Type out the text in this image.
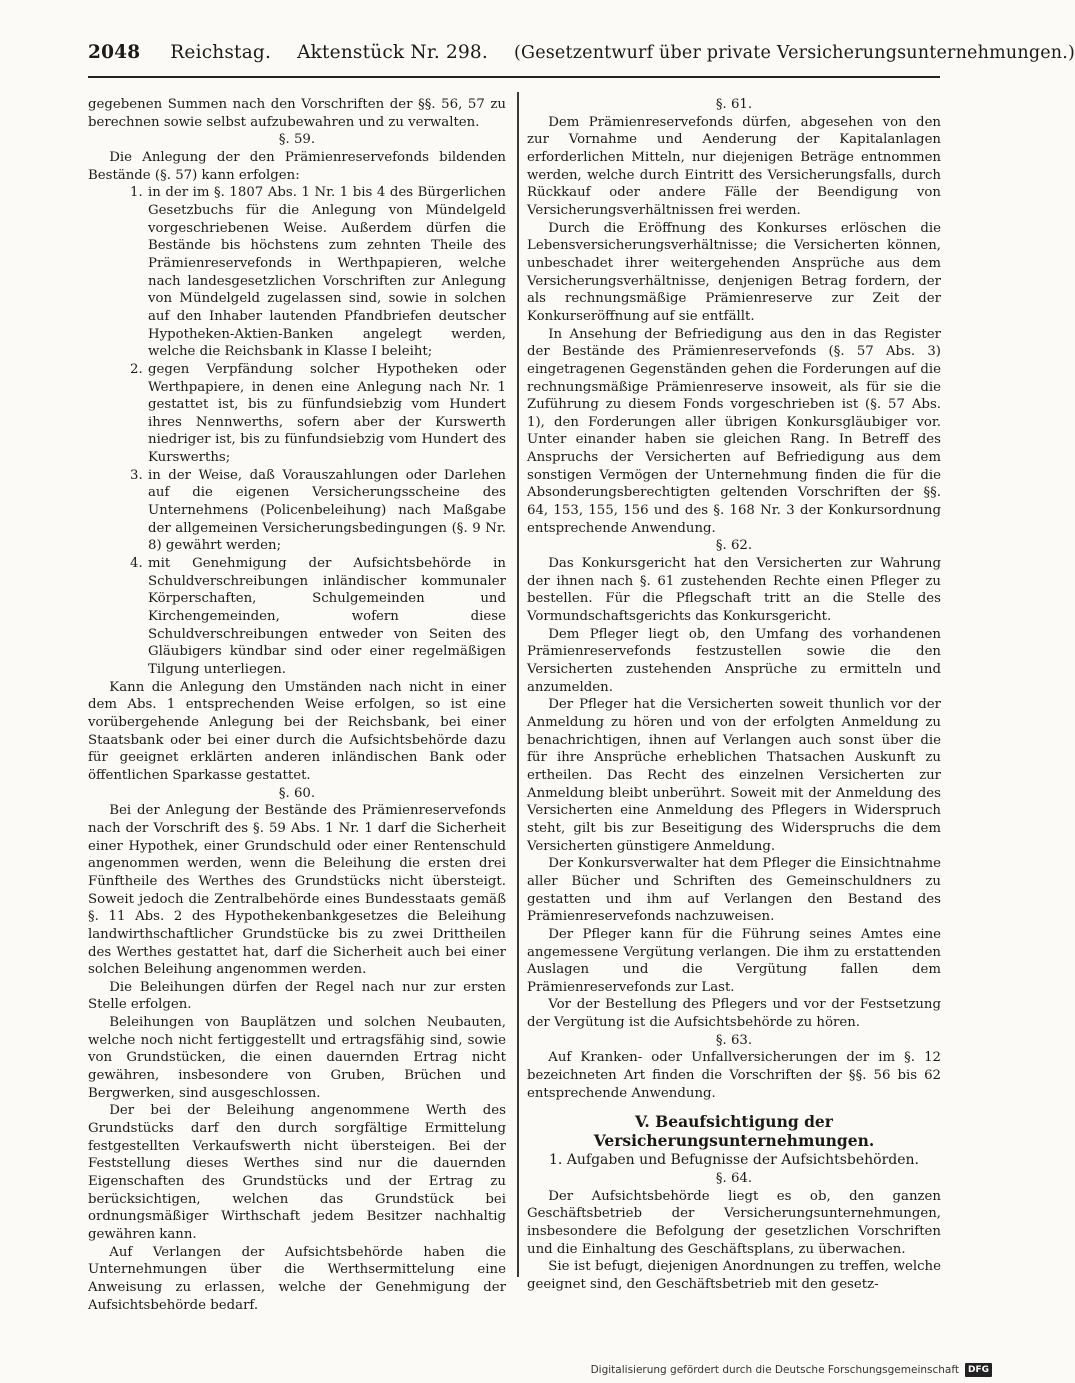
2048 Reichstag. Aktenstück Nr. 298. (Gesetzentwurf über private Versicherungsunternehmungen.)

gegebenen Summen nach den Vorschriften der §§. 56, 57 zu berechnen sowie selbst aufzubewahren und zu verwalten.

§. 59.

Die Anlegung der den Prämienreservefonds bildenden Bestände (§. 57) kann erfolgen:

1. in der im §. 1807 Abs. 1 Nr. 1 bis 4 des Bürgerlichen Gesetzbuchs für die Anlegung von Mündelgeld vorgeschriebenen Weise. Außerdem dürfen die Bestände bis höchstens zum zehnten Theile des Prämienreservefonds in Werthpapieren, welche nach landesgesetzlichen Vorschriften zur Anlegung von Mündelgeld zugelassen sind, sowie in solchen auf den Inhaber lautenden Pfandbriefen deutscher Hypotheken-Aktien-Banken angelegt werden, welche die Reichsbank in Klasse I beleiht;
2. gegen Verpfändung solcher Hypotheken oder Werthpapiere, in denen eine Anlegung nach Nr. 1 gestattet ist, bis zu fünfundsiebzig vom Hundert ihres Nennwerths, sofern aber der Kurswerth niedriger ist, bis zu fünfundsiebzig vom Hundert des Kurswerths;
3. in der Weise, daß Vorauszahlungen oder Darlehen auf die eigenen Versicherungsscheine des Unternehmens (Policenbeleihung) nach Maßgabe der allgemeinen Versicherungsbedingungen (§. 9 Nr. 8) gewährt werden;
4. mit Genehmigung der Aufsichtsbehörde in Schuldverschreibungen inländischer kommunaler Körperschaften, Schulgemeinden und Kirchengemeinden, wofern diese Schuldverschreibungen entweder von Seiten des Gläubigers kündbar sind oder einer regelmäßigen Tilgung unterliegen.

Kann die Anlegung den Umständen nach nicht in einer dem Abs. 1 entsprechenden Weise erfolgen, so ist eine vorübergehende Anlegung bei der Reichsbank, bei einer Staatsbank oder bei einer durch die Aufsichtsbehörde dazu für geeignet erklärten anderen inländischen Bank oder öffentlichen Sparkasse gestattet.

§. 60.

Bei der Anlegung der Bestände des Prämienreservefonds nach der Vorschrift des §. 59 Abs. 1 Nr. 1 darf die Sicherheit einer Hypothek, einer Grundschuld oder einer Rentenschuld angenommen werden, wenn die Beleihung die ersten drei Fünftheile des Werthes des Grundstücks nicht übersteigt. Soweit jedoch die Zentralbehörde eines Bundesstaats gemäß §. 11 Abs. 2 des Hypothekenbankgesetzes die Beleihung landwirthschaftlicher Grundstücke bis zu zwei Drittheilen des Werthes gestattet hat, darf die Sicherheit auch bei einer solchen Beleihung angenommen werden.

Die Beleihungen dürfen der Regel nach nur zur ersten Stelle erfolgen.

Beleihungen von Bauplätzen und solchen Neubauten, welche noch nicht fertiggestellt und ertragsfähig sind, sowie von Grundstücken, die einen dauernden Ertrag nicht gewähren, insbesondere von Gruben, Brüchen und Bergwerken, sind ausgeschlossen.

Der bei der Beleihung angenommene Werth des Grundstücks darf den durch sorgfältige Ermittelung festgestellten Verkaufswerth nicht übersteigen. Bei der Feststellung dieses Werthes sind nur die dauernden Eigenschaften des Grundstücks und der Ertrag zu berücksichtigen, welchen das Grundstück bei ordnungsmäßiger Wirthschaft jedem Besitzer nachhaltig gewähren kann.

Auf Verlangen der Aufsichtsbehörde haben die Unternehmungen über die Werthsermittelung eine Anweisung zu erlassen, welche der Genehmigung der Aufsichtsbehörde bedarf.

§. 61.

Dem Prämienreservefonds dürfen, abgesehen von den zur Vornahme und Aenderung der Kapitalanlagen erforderlichen Mitteln, nur diejenigen Beträge entnommen werden, welche durch Eintritt des Versicherungsfalls, durch Rückkauf oder andere Fälle der Beendigung von Versicherungsverhältnissen frei werden.

Durch die Eröffnung des Konkurses erlöschen die Lebensversicherungsverhältnisse; die Versicherten können, unbeschadet ihrer weitergehenden Ansprüche aus dem Versicherungsverhältnisse, denjenigen Betrag fordern, der als rechnungsmäßige Prämienreserve zur Zeit der Konkurseröffnung auf sie entfällt.

In Ansehung der Befriedigung aus den in das Register der Bestände des Prämienreservefonds (§. 57 Abs. 3) eingetragenen Gegenständen gehen die Forderungen auf die rechnungsmäßige Prämienreserve insoweit, als für sie die Zuführung zu diesem Fonds vorgeschrieben ist (§. 57 Abs. 1), den Forderungen aller übrigen Konkursgläubiger vor. Unter einander haben sie gleichen Rang. In Betreff des Anspruchs der Versicherten auf Befriedigung aus dem sonstigen Vermögen der Unternehmung finden die für die Absonderungsberechtigten geltenden Vorschriften der §§. 64, 153, 155, 156 und des §. 168 Nr. 3 der Konkursordnung entsprechende Anwendung.

§. 62.

Das Konkursgericht hat den Versicherten zur Wahrung der ihnen nach §. 61 zustehenden Rechte einen Pfleger zu bestellen. Für die Pflegschaft tritt an die Stelle des Vormundschaftsgerichts das Konkursgericht.

Dem Pfleger liegt ob, den Umfang des vorhandenen Prämienreservefonds festzustellen sowie die den Versicherten zustehenden Ansprüche zu ermitteln und anzumelden.

Der Pfleger hat die Versicherten soweit thunlich vor der Anmeldung zu hören und von der erfolgten Anmeldung zu benachrichtigen, ihnen auf Verlangen auch sonst über die für ihre Ansprüche erheblichen Thatsachen Auskunft zu ertheilen. Das Recht des einzelnen Versicherten zur Anmeldung bleibt unberührt. Soweit mit der Anmeldung des Versicherten eine Anmeldung des Pflegers in Widerspruch steht, gilt bis zur Beseitigung des Widerspruchs die dem Versicherten günstigere Anmeldung.

Der Konkursverwalter hat dem Pfleger die Einsichtnahme aller Bücher und Schriften des Gemeinschuldners zu gestatten und ihm auf Verlangen den Bestand des Prämienreservefonds nachzuweisen.

Der Pfleger kann für die Führung seines Amtes eine angemessene Vergütung verlangen. Die ihm zu erstattenden Auslagen und die Vergütung fallen dem Prämienreservefonds zur Last.

Vor der Bestellung des Pflegers und vor der Festsetzung der Vergütung ist die Aufsichtsbehörde zu hören.

§. 63.

Auf Kranken- oder Unfallversicherungen der im §. 12 bezeichneten Art finden die Vorschriften der §§. 56 bis 62 entsprechende Anwendung.

V. Beaufsichtigung der Versicherungsunternehmungen.
1. Aufgaben und Befugnisse der Aufsichtsbehörden.
§. 64.

Der Aufsichtsbehörde liegt es ob, den ganzen Geschäftsbetrieb der Versicherungsunternehmungen, insbesondere die Befolgung der gesetzlichen Vorschriften und die Einhaltung des Geschäftsplans, zu überwachen.

Sie ist befugt, diejenigen Anordnungen zu treffen, welche geeignet sind, den Geschäftsbetrieb mit den gesetz-

Digitalisierung gefördert durch die Deutsche Forschungsgemeinschaft	DFG
